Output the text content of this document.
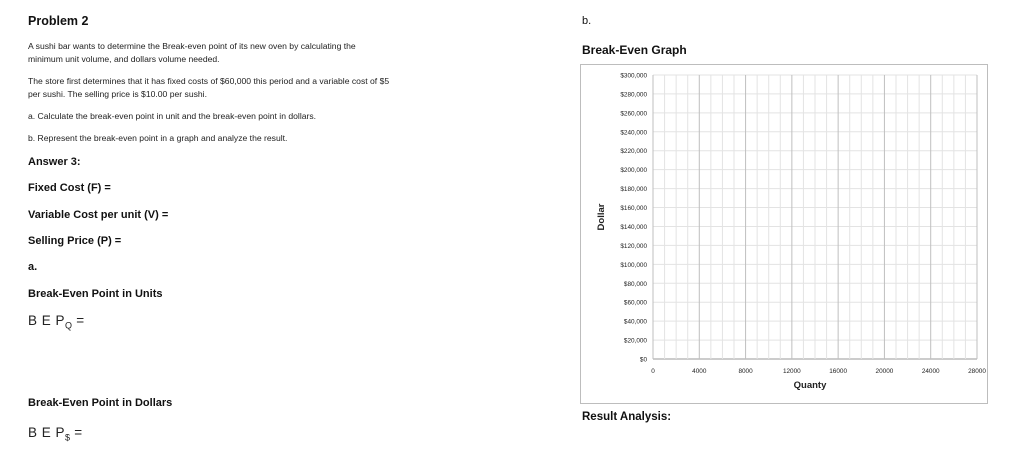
Problem 2
A sushi bar wants to determine the Break-even point of its new oven by calculating the
minimum unit volume, and dollars volume needed.
The store first determines that it has fixed costs of $60,000 this period and a variable cost of $5
per sushi. The selling price is $10.00 per sushi.
a. Calculate the break-even point in unit and the break-even point in dollars.
b. Represent the break-even point in a graph and analyze the result.
Answer 3:
Fixed Cost (F) =
Variable Cost per unit (V) =
Selling Price (P) =
a.
Break-Even Point in Units
B E $P_Q$ =
Break-Even Point in Dollars
B E $P_{\$}$ =
b.
Break-Even Graph
$0
$20,000
$40,000
$60,000
$80,000
$100,000
$120,000
$140,000
$160,000
$180,000
$200,000
$220,000
$240,000
$260,000
$280,000
$300,000
0	4000	8000	12000	16000	20000	24000	28000
Dollar
Quanty
Result Analysis:
